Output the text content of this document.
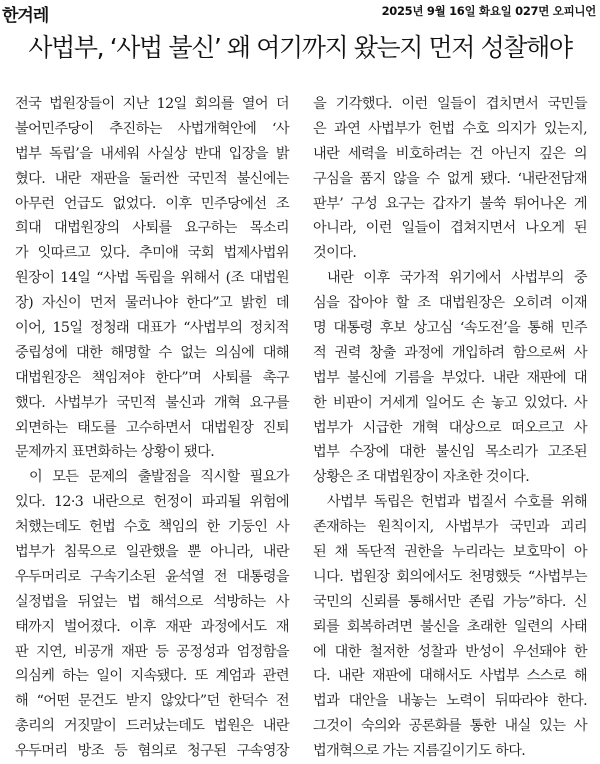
한겨레	2025년 9월 16일 화요일 027면 오피니언
사법부, ‘사법 불신’ 왜 여기까지 왔는지 먼저 성찰해야
전국 법원장들이 지난 12일 회의를 열어 더
불어민주당이 추진하는 사법개혁안에 ‘사
법부 독립’을 내세워 사실상 반대 입장을 밝
혔다. 내란 재판을 둘러싼 국민적 불신에는
아무런 언급도 없었다. 이후 민주당에선 조
희대 대법원장의 사퇴를 요구하는 목소리
가 잇따르고 있다. 추미애 국회 법제사법위
원장이 14일 “사법 독립을 위해서 (조 대법원
장) 자신이 먼저 물러나야 한다”고 밝힌 데
이어, 15일 정청래 대표가 “사법부의 정치적
중립성에 대한 해명할 수 없는 의심에 대해
대법원장은 책임져야 한다”며 사퇴를 촉구
했다. 사법부가 국민적 불신과 개혁 요구를
외면하는 태도를 고수하면서 대법원장 진퇴
문제까지 표면화하는 상황이 됐다.
이 모든 문제의 출발점을 직시할 필요가
있다. 12·3 내란으로 헌정이 파괴될 위험에
처했는데도 헌법 수호 책임의 한 기둥인 사
법부가 침묵으로 일관했을 뿐 아니라, 내란
우두머리로 구속기소된 윤석열 전 대통령을
실정법을 뒤엎는 법 해석으로 석방하는 사
태까지 벌어졌다. 이후 재판 과정에서도 재
판 지연, 비공개 재판 등 공정성과 엄정함을
의심케 하는 일이 지속됐다. 또 계엄과 관련
해 “어떤 문건도 받지 않았다”던 한덕수 전
총리의 거짓말이 드러났는데도 법원은 내란
우두머리 방조 등 혐의로 청구된 구속영장
을 기각했다. 이런 일들이 겹치면서 국민들
은 과연 사법부가 헌법 수호 의지가 있는지,
내란 세력을 비호하려는 건 아닌지 깊은 의
구심을 품지 않을 수 없게 됐다. ‘내란전담재
판부’ 구성 요구는 갑자기 불쑥 튀어나온 게
아니라, 이런 일들이 겹쳐지면서 나오게 된
것이다.
내란 이후 국가적 위기에서 사법부의 중
심을 잡아야 할 조 대법원장은 오히려 이재
명 대통령 후보 상고심 ‘속도전’을 통해 민주
적 권력 창출 과정에 개입하려 함으로써 사
법부 불신에 기름을 부었다. 내란 재판에 대
한 비판이 거세게 일어도 손 놓고 있었다. 사
법부가 시급한 개혁 대상으로 떠오르고 사
법부 수장에 대한 불신임 목소리가 고조된
상황은 조 대법원장이 자초한 것이다.
사법부 독립은 헌법과 법질서 수호를 위해
존재하는 원칙이지, 사법부가 국민과 괴리
된 채 독단적 권한을 누리라는 보호막이 아
니다. 법원장 회의에서도 천명했듯 “사법부는
국민의 신뢰를 통해서만 존립 가능”하다. 신
뢰를 회복하려면 불신을 초래한 일련의 사태
에 대한 철저한 성찰과 반성이 우선돼야 한
다. 내란 재판에 대해서도 사법부 스스로 해
법과 대안을 내놓는 노력이 뒤따라야 한다.
그것이 숙의와 공론화를 통한 내실 있는 사
법개혁으로 가는 지름길이기도 하다.
